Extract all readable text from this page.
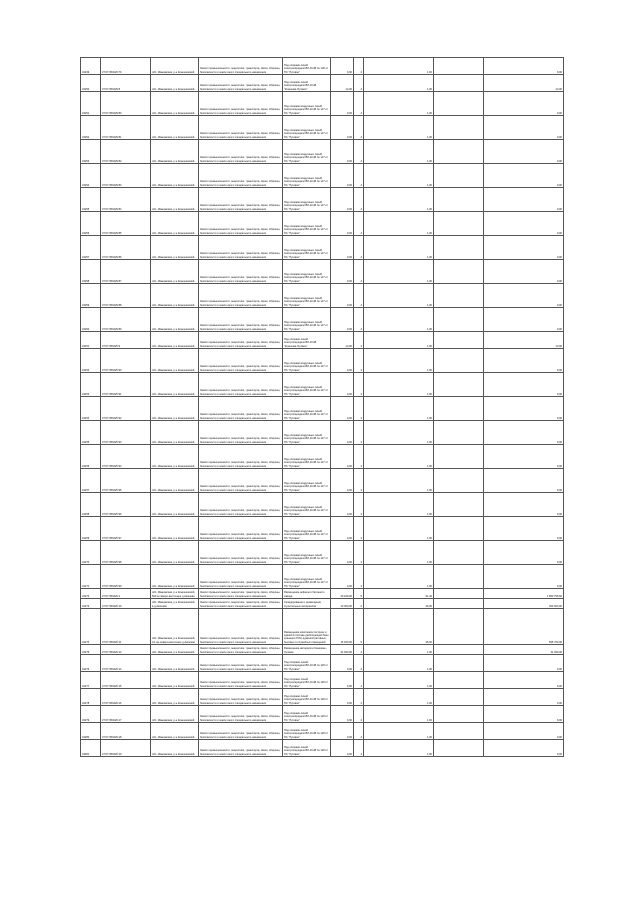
34249	37:07:050426:79	обл. Ивановская, р-н Кинешемский	Земли промышленности, энергетики, транспорта, связи, обороны, безопасности и земли иного специального назначения	Под опорами линий электропередачи ВЛ-10 кВ № 130 от ПС "Луговое"	9,00	4	1,00		9,00
34250	37:07:050425:8	обл. Ивановская, р-н Кинешемский	Земли промышленности, энергетики, транспорта, связи, обороны, безопасности и земли иного специального назначения	Под опорами линий электропередачи ВЛ-10 кВ "Кинешма-Луговое"	14,00	4	1,00		14,00
34251	37:07:050425:80	обл. Ивановская, р-н Кинешемский	Земли промышленности, энергетики, транспорта, связи, обороны, безопасности и земли иного специального назначения	Под опорами воздушных линий электропередачи ВЛ-10 кВ № 117 от ПС "Луговое"	9,00	4	1,00		9,00
34252	37:07:050425:81	обл. Ивановская, р-н Кинешемский	Земли промышленности, энергетики, транспорта, связи, обороны, безопасности и земли иного специального назначения	Под опорами воздушных линий электропередачи ВЛ-10 кВ № 117 от ПС "Луговое"	9,00	4	1,00		9,00
34253	37:07:050425:82	обл. Ивановская, р-н Кинешемский	Земли промышленности, энергетики, транспорта, связи, обороны, безопасности и земли иного специального назначения	Под опорами воздушных линий электропередачи ВЛ-10 кВ № 117 от ПС "Луговое"	9,00	4	1,00		9,00
34254	37:07:050425:83	обл. Ивановская, р-н Кинешемский	Земли промышленности, энергетики, транспорта, связи, обороны, безопасности и земли иного специального назначения	Под опорами воздушных линий электропередачи ВЛ-10 кВ № 117 от ПС "Луговое"	9,00	4	1,00		9,00
34255	37:07:050425:84	обл. Ивановская, р-н Кинешемский	Земли промышленности, энергетики, транспорта, связи, обороны, безопасности и земли иного специального назначения	Под опорами воздушных линий электропередачи ВЛ-10 кВ № 117 от ПС "Луговое"	9,00	4	1,00		9,00
34256	37:07:050425:85	обл. Ивановская, р-н Кинешемский	Земли промышленности, энергетики, транспорта, связи, обороны, безопасности и земли иного специального назначения	Под опорами воздушных линий электропередачи ВЛ-10 кВ № 117 от ПС "Луговое"	9,00	4	1,00		9,00
34257	37:07:050425:86	обл. Ивановская, р-н Кинешемский	Земли промышленности, энергетики, транспорта, связи, обороны, безопасности и земли иного специального назначения	Под опорами воздушных линий электропередачи ВЛ-10 кВ № 117 от ПС "Луговое"	9,00	4	1,00		9,00
34258	37:07:050425:87	обл. Ивановская, р-н Кинешемский	Земли промышленности, энергетики, транспорта, связи, обороны, безопасности и земли иного специального назначения	Под опорами воздушных линий электропередачи ВЛ-10 кВ № 117 от ПС "Луговое"	9,00	4	1,00		9,00
34259	37:07:050425:88	обл. Ивановская, р-н Кинешемский	Земли промышленности, энергетики, транспорта, связи, обороны, безопасности и земли иного специального назначения	Под опорами воздушных линий электропередачи ВЛ-10 кВ № 117 от ПС "Луговое"	9,00	4	1,00		9,00
34260	37:07:050425:89	обл. Ивановская, р-н Кинешемский	Земли промышленности, энергетики, транспорта, связи, обороны, безопасности и земли иного специального назначения	Под опорами воздушных линий электропередачи ВЛ-10 кВ № 117 от ПС "Луговое"	9,00	4	1,00		9,00
34261	37:07:050425:9	обл. Ивановская, р-н Кинешемский	Земли промышленности, энергетики, транспорта, связи, обороны, безопасности и земли иного специального назначения	Под опорами линий электропередачи ВЛ-10 кВ "Кинешма-Луговое"	13,00	4	1,00		13,00
34262	37:07:050425:90	обл. Ивановская, р-н Кинешемский	Земли промышленности, энергетики, транспорта, связи, обороны, безопасности и земли иного специального назначения	Под опорами воздушных линий электропередачи ВЛ-10 кВ № 117 от ПС "Луговое"	9,00	4	1,00		9,00
34263	37:07:050425:91	обл. Ивановская, р-н Кинешемский	Земли промышленности, энергетики, транспорта, связи, обороны, безопасности и земли иного специального назначения	Под опорами воздушных линий электропередачи ВЛ-10 кВ № 117 от ПС "Луговое"	9,00	4	1,00		9,00
34264	37:07:050425:92	обл. Ивановская, р-н Кинешемский	Земли промышленности, энергетики, транспорта, связи, обороны, безопасности и земли иного специального назначения	Под опорами воздушных линий электропередачи ВЛ-10 кВ № 117 от ПС "Луговое"	9,00	4	1,00		9,00
34265	37:07:050425:93	обл. Ивановская, р-н Кинешемский	Земли промышленности, энергетики, транспорта, связи, обороны, безопасности и земли иного специального назначения	Под опорами воздушных линий электропередачи ВЛ-10 кВ № 117 от ПС "Луговое"	9,00	4	1,00		9,00
34266	37:07:050425:94	обл. Ивановская, р-н Кинешемский	Земли промышленности, энергетики, транспорта, связи, обороны, безопасности и земли иного специального назначения	Под опорами воздушных линий электропередачи ВЛ-10 кВ № 117 от ПС "Луговое"	9,00	4	1,00		9,00
34267	37:07:050425:95	обл. Ивановская, р-н Кинешемский	Земли промышленности, энергетики, транспорта, связи, обороны, безопасности и земли иного специального назначения	Под опорами воздушных линий электропередачи ВЛ-10 кВ № 117 от ПС "Луговое"	9,00	4	1,00		9,00
34268	37:07:050425:96	обл. Ивановская, р-н Кинешемский	Земли промышленности, энергетики, транспорта, связи, обороны, безопасности и земли иного специального назначения	Под опорами воздушных линий электропередачи ВЛ-10 кВ № 117 от ПС "Луговое"	9,00	4	1,00		9,00
34269	37:07:050425:97	обл. Ивановская, р-н Кинешемский	Земли промышленности, энергетики, транспорта, связи, обороны, безопасности и земли иного специального назначения	Под опорами воздушных линий электропередачи ВЛ-10 кВ № 117 от ПС "Луговое"	9,00	4	1,00		9,00
34270	37:07:050425:98	обл. Ивановская, р-н Кинешемский	Земли промышленности, энергетики, транспорта, связи, обороны, безопасности и земли иного специального назначения	Под опорами воздушных линий электропередачи ВЛ-10 кВ № 117 от ПС "Луговое"	9,00	4	1,00		9,00
34271	37:07:050425:99	обл. Ивановская, р-н Кинешемский	Земли промышленности, энергетики, транспорта, связи, обороны, безопасности и земли иного специального назначения	Под опорами воздушных линий электропередачи ВЛ-10 кВ № 117 от ПС "Луговое"	9,00	4	1,00		9,00
34272	37:07:050426:1	обл. Ивановская, р-н Кинешемский, 500 м северо-восточнее д.Акишево	Земли промышленности, энергетики, транспорта, связи, обороны, безопасности и земли иного специального назначения	Размещение асфальто бетонного завода	20 249,00	5	91,40		1 850 758,60
34273	37:07:050426:10	обл. Ивановская, р-н Кинешемский, в д.Акишево	Земли промышленности, энергетики, транспорта, связи, обороны, безопасности и земли иного специального назначения	Складирование и размещение строительных материалов	10 000,00	2	46,00		460 000,00
34274	37:07:050426:11	обл. Ивановская, р-н Кинешемский, 0,1 км северо-восточнее д.Акишево	Земли промышленности, энергетики, транспорта, связи, обороны, безопасности и земли иного специального назначения	Размещение комплекса построек и зданий в составе действующей базы хранения ГСМ, административных, бытовых и служебных помещений	15 460,00	5	45,00		695 700,00
34275	37:07:050426:12	обл. Ивановская, р-н Кинешемский	Земли промышленности, энергетики, транспорта, связи, обороны, безопасности и земли иного специального назначения	Размещение автодороги Кинешма - Луговое	31 390,00	4	1,00		31 390,00
34276	37:07:050426:14	обл. Ивановская, р-н Кинешемский	Земли промышленности, энергетики, транспорта, связи, обороны, безопасности и земли иного специального назначения	Под опорами линий электропередачи ВЛ-10 кВ № 118 от ПС "Луговое"	9,00	4	1,00		9,00
34277	37:07:050426:15	обл. Ивановская, р-н Кинешемский	Земли промышленности, энергетики, транспорта, связи, обороны, безопасности и земли иного специального назначения	Под опорами линий электропередачи ВЛ-10 кВ № 118 от ПС "Луговое"	9,00	4	1,00		9,00
34278	37:07:050426:16	обл. Ивановская, р-н Кинешемский	Земли промышленности, энергетики, транспорта, связи, обороны, безопасности и земли иного специального назначения	Под опорами линий электропередачи ВЛ-10 кВ № 118 от ПС "Луговое"	9,00	4	1,00		9,00
34279	37:07:050426:17	обл. Ивановская, р-н Кинешемский	Земли промышленности, энергетики, транспорта, связи, обороны, безопасности и земли иного специального назначения	Под опорами линий электропередачи ВЛ-10 кВ № 118 от ПС "Луговое"	9,00	4	1,00		9,00
34280	37:07:050426:18	обл. Ивановская, р-н Кинешемский	Земли промышленности, энергетики, транспорта, связи, обороны, безопасности и земли иного специального назначения	Под опорами линий электропередачи ВЛ-10 кВ № 118 от ПС "Луговое"	9,00	4	1,00		9,00
34281	37:07:050426:19	обл. Ивановская, р-н Кинешемский	Земли промышленности, энергетики, транспорта, связи, обороны, безопасности и земли иного специального назначения	Под опорами линий электропередачи ВЛ-10 кВ № 118 от ПС "Луговое"	9,00	4	1,00		9,00
